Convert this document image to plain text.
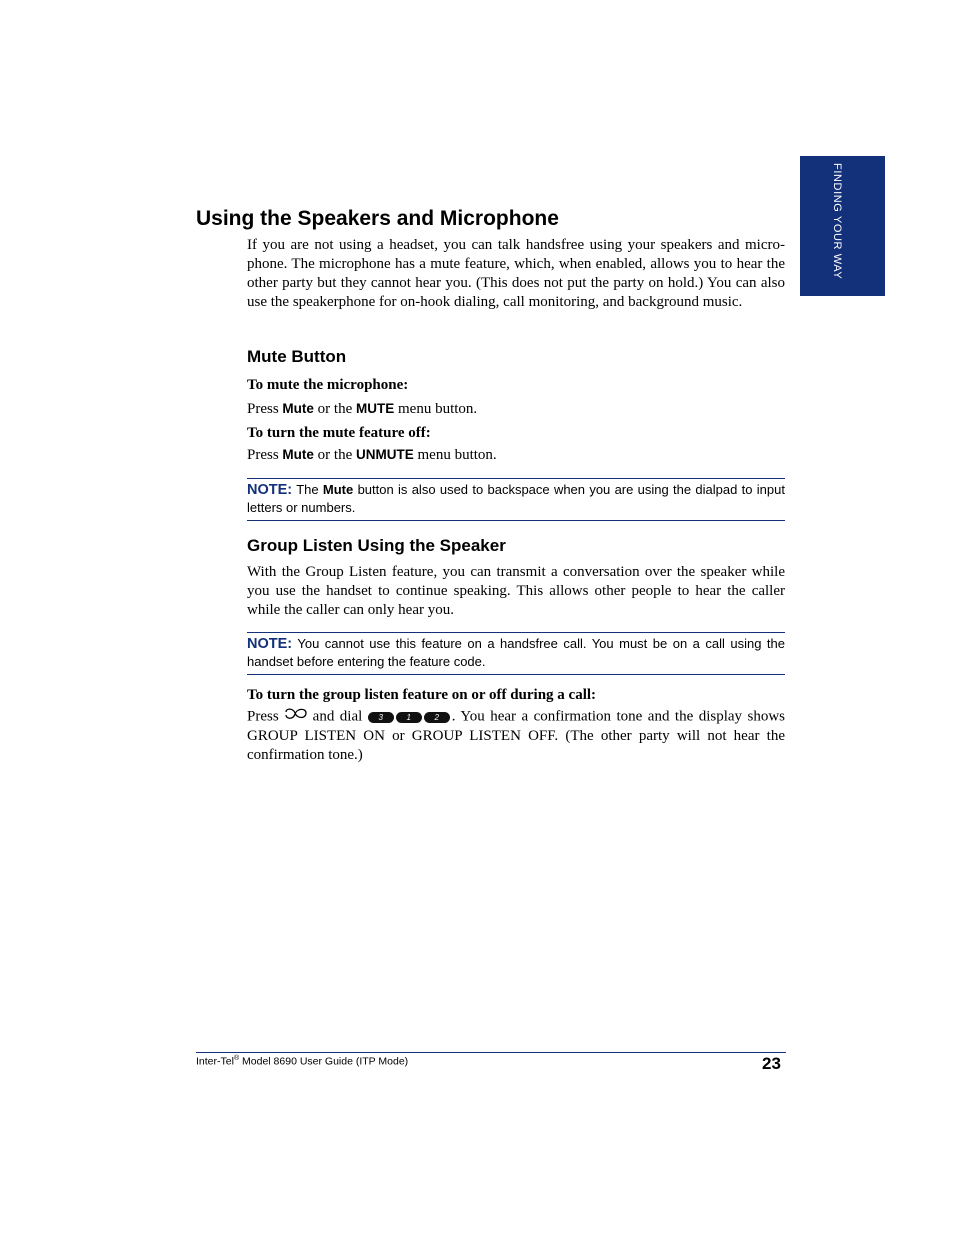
FINDING YOUR WAY
Using the Speakers and Microphone

If you are not using a headset, you can talk handsfree using your speakers and micro-phone. The microphone has a mute feature, which, when enabled, allows you to hear the other party but they cannot hear you. (This does not put the party on hold.) You can also use the speakerphone for on-hook dialing, call monitoring, and background music.

Mute Button

To mute the microphone:

Press Mute or the MUTE menu button.

To turn the mute feature off:

Press Mute or the UNMUTE menu button.

NOTE: The Mute button is also used to backspace when you are using the dialpad to input letters or numbers.

Group Listen Using the Speaker

With the Group Listen feature, you can transmit a conversation over the speaker while you use the handset to continue speaking. This allows other people to hear the caller while the caller can only hear you.

NOTE: You cannot use this feature on a handsfree call. You must be on a call using the handset before entering the feature code.

To turn the group listen feature on or off during a call:

Press and dial 3	1	2 . You hear a confirmation tone and the display shows GROUP LISTEN ON or GROUP LISTEN OFF. (The other party will not hear the confirmation tone.)

Inter-Tel® Model 8690 User Guide (ITP Mode)	23
